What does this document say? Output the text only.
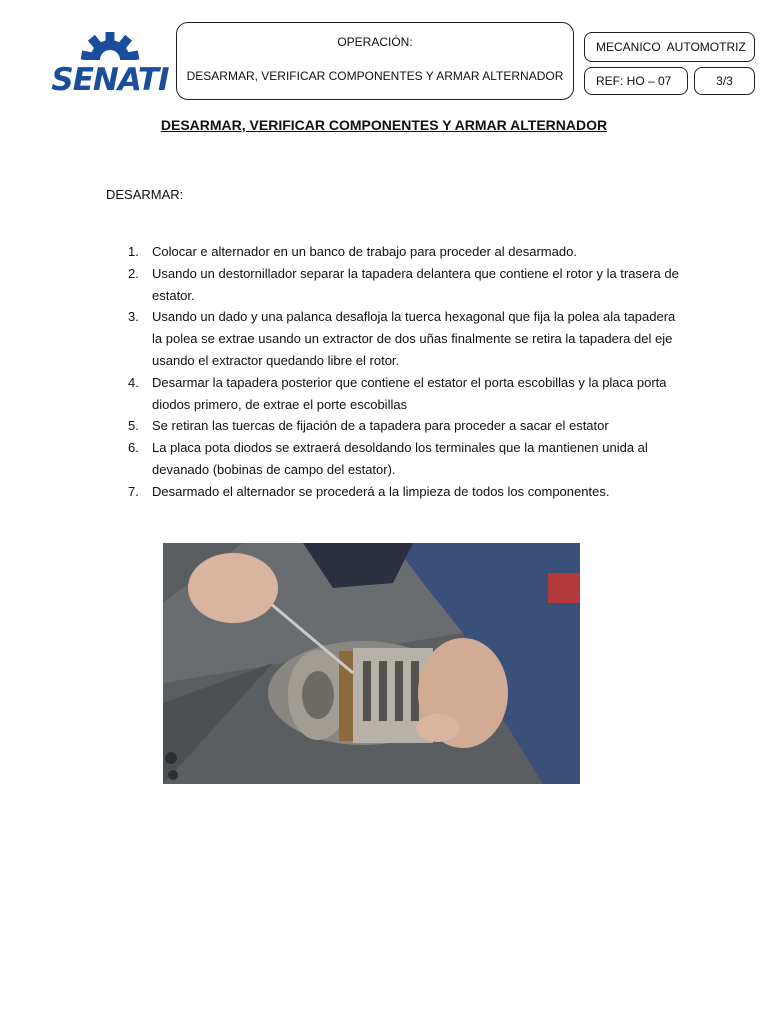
SENATI
OPERACIÓN:
DESARMAR, VERIFICAR COMPONENTES Y ARMAR ALTERNADOR
MECANICO  AUTOMOTRIZ
REF: HO – 07	3/3
DESARMAR, VERIFICAR COMPONENTES Y ARMAR ALTERNADOR
DESARMAR:
1. Colocar e alternador en un banco de trabajo para proceder al desarmado.
2. Usando un destornillador separar la tapadera delantera que contiene el rotor y la trasera de estator.
3. Usando un dado y una palanca desafloja la tuerca hexagonal que fija la polea ala tapadera la polea se extrae usando un extractor de dos uñas finalmente se retira la tapadera del eje usando el extractor quedando libre el rotor.
4. Desarmar la tapadera posterior que contiene el estator el porta escobillas y la placa porta diodos primero, de extrae el porte escobillas
5. Se retiran las tuercas de fijación de a tapadera para proceder a sacar el estator
6. La placa pota diodos se extraerá desoldando los terminales que la mantienen unida al devanado (bobinas de campo del estator).
7. Desarmado el alternador se procederá a la limpieza de todos los componentes.
